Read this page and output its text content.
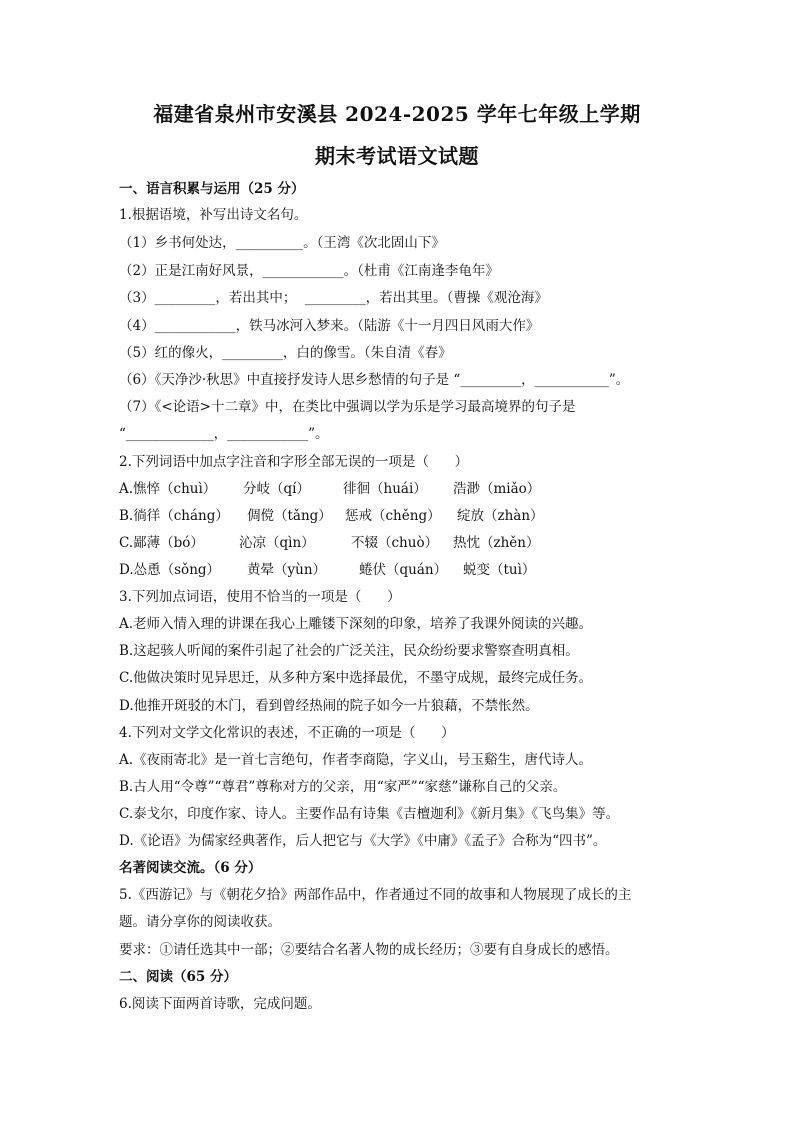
福建省泉州市安溪县 2024-2025 学年七年级上学期
期末考试语文试题
一、语言积累与运用（25 分）
1.根据语境，补写出诗文名句。
（1）乡书何处达，__________。（王湾《次北固山下》
（2）正是江南好风景，____________。（杜甫《江南逢李龟年》
（3）_________，若出其中；  _________，若出其里。（曹操《观沧海》
（4）____________，铁马冰河入梦来。（陆游《十一月四日风雨大作》
（5）红的像火，_________，白的像雪。（朱自清《春》
（6）《天净沙·秋思》中直接抒发诗人思乡愁情的句子是 “_________，___________”。
（7）《<论语>十二章》中，在类比中强调以学为乐是学习最高境界的句子是
“_____________，____________”。
2.下列词语中加点字注音和字形全部无误的一项是（      ）

A.憔悴（chuì）

分岐（qí）

徘徊（huái）

浩渺（miǎo）

B.徜徉（cháng）

倜傥（tǎng）

惩戒（chěng）

绽放（zhàn）

C.鄙薄（bó）

	沁凉（qìn）

	不辍（chuò）

热忱（zhěn）

D.怂恿（sǒng）

黄晕（yùn）

蜷伏（quán）

蜕变（tuì）

3.下列加点词语，使用不恰当的一项是（      ）
A.老师入情入理的讲课在我心上雕镂下深刻的印象，培养了我课外阅读的兴趣。
B.这起骇人听闻的案件引起了社会的广泛关注，民众纷纷要求警察查明真相。
C.他做决策时见异思迁，从多种方案中选择最优，不墨守成规，最终完成任务。
D.他推开斑驳的木门，看到曾经热闹的院子如今一片狼藉，不禁怅然。
4.下列对文学文化常识的表述，不正确的一项是（      ）
A.《夜雨寄北》是一首七言绝句，作者李商隐，字义山，号玉谿生，唐代诗人。
B.古人用“令尊”“尊君”尊称对方的父亲，用“家严”“家慈”谦称自己的父亲。
C.泰戈尔，印度作家、诗人。主要作品有诗集《吉檀迦利》《新月集》《飞鸟集》等。
D.《论语》为儒家经典著作，后人把它与《大学》《中庸》《孟子》合称为“四书”。
名著阅读交流。（6 分）
5.《西游记》与《朝花夕拾》两部作品中，作者通过不同的故事和人物展现了成长的主
题。请分享你的阅读收获。
要求：①请任选其中一部；②要结合名著人物的成长经历；③要有自身成长的感悟。
二、阅读（65 分）
6.阅读下面两首诗歌，完成问题。
